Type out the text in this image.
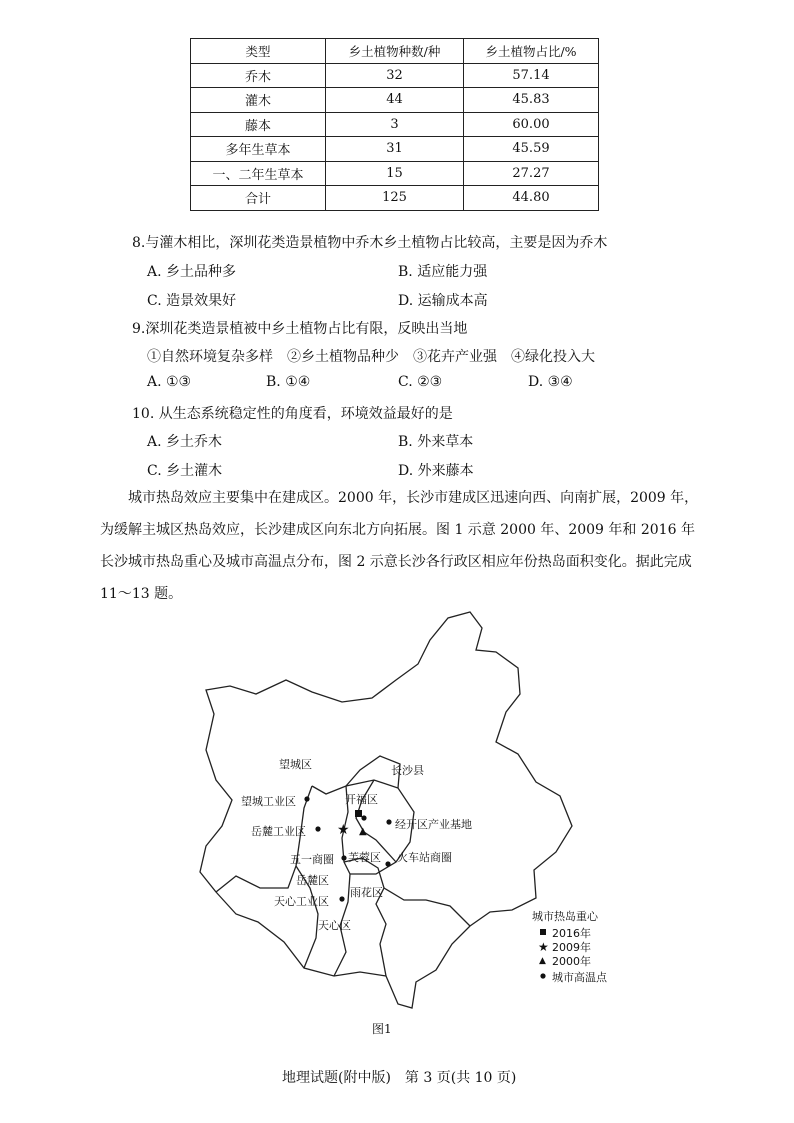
类型	乡土植物种数/种	乡土植物占比/%
乔木	32	57.14
灌木	44	45.83
藤本	3	60.00
多年生草本	31	45.59
一、二年生草本	15	27.27
合计	125	44.80
8.与灌木相比，深圳花类造景植物中乔木乡土植物占比较高，主要是因为乔木
A. 乡土品种多	B. 适应能力强
C. 造景效果好	D. 运输成本高
9.深圳花类造景植被中乡土植物占比有限，反映出当地
①自然环境复杂多样　②乡土植物品种少　③花卉产业强　④绿化投入大
A. ①③	B. ①④	C. ②③	D. ③④
10. 从生态系统稳定性的角度看，环境效益最好的是
A. 乡土乔木	B. 外来草本
C. 乡土灌木	D. 外来藤本
城市热岛效应主要集中在建成区。2000 年，长沙市建成区迅速向西、向南扩展，2009 年，为缓解主城区热岛效应，长沙建成区向东北方向拓展。图 1 示意 2000 年、2009 年和 2016 年长沙城市热岛重心及城市高温点分布，图 2 示意长沙各行政区相应年份热岛面积变化。据此完成 11～13 题。
★ ▲
★
▲
望城区	长沙县
望城工业区	开福区
岳麓工业区
经开区产业基地
五一商圈 芙蓉区 火车站商圈
岳麓区
雨花区
天心工业区
天心区
城市热岛重心
2016年
2009年
2000年
城市高温点
图1
地理试题(附中版)　第 3 页(共 10 页)
